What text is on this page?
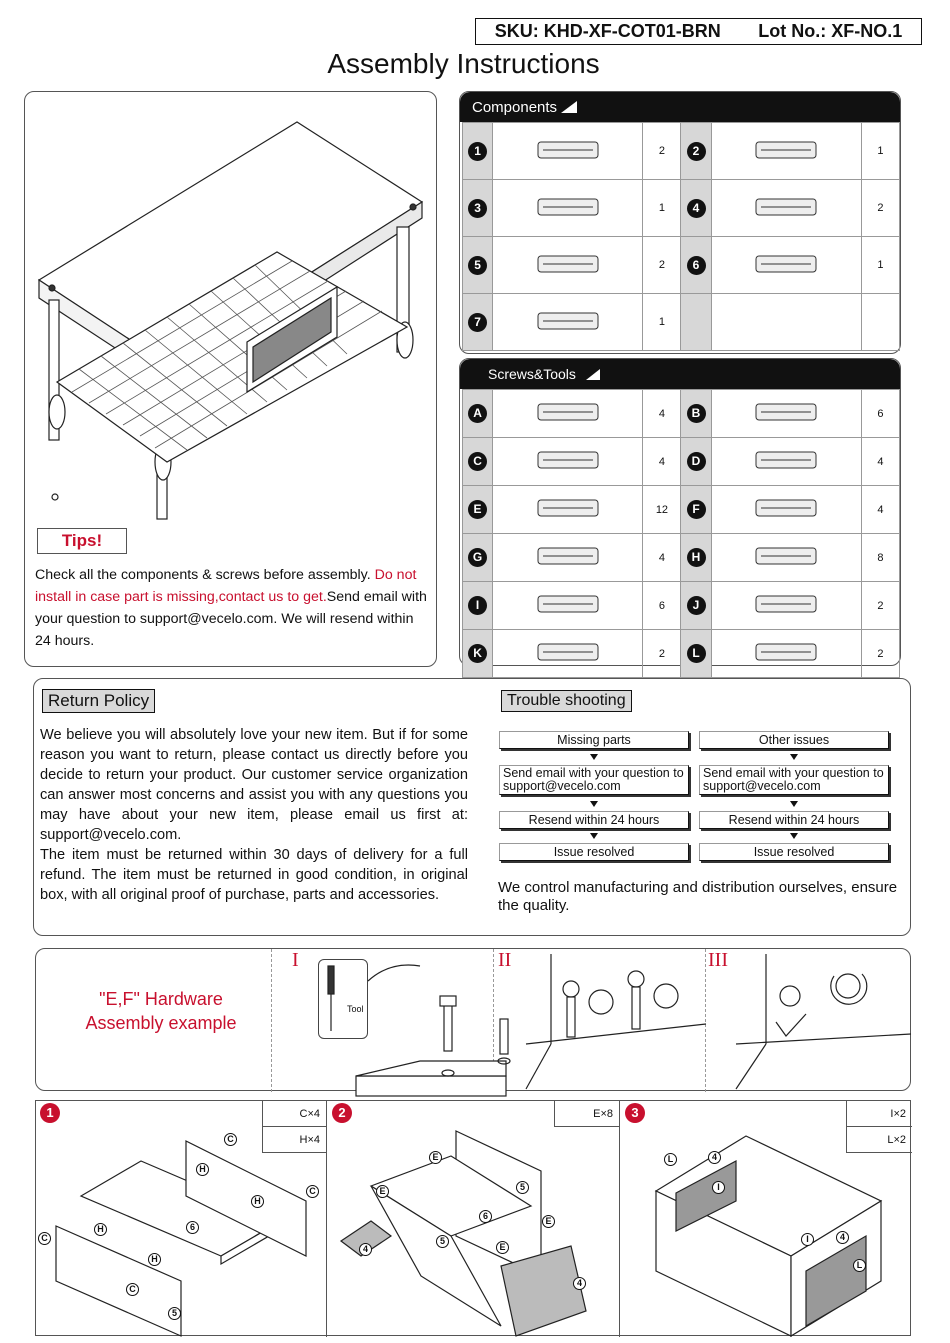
SKU: KHD-XF-COT01-BRN Lot No.: XF-NO.1
Assembly Instructions
Tips!
Check all the components & screws before assembly. Do not install in case part is missing,contact us to get.Send email with your question to support@vecelo.com. We will resend within 24 hours.
Components
1		2	2		1
3		1	4		2
5		2	6		1
7		1			
Screws&Tools
A		4	B		6
C		4	D		4
E		12	F		4
G		4	H		8
I		6	J		2
K		2	L		2

Return Policy
We believe you will absolutely love your new item. But if for some reason you want to return, please contact us directly before you decide to return your product. Our customer service organization can answer most concerns and assist you with any questions you may have about your new item, please email us first at: support@vecelo.com.
The item must be returned within 30 days of delivery for a full refund. The item must be returned in good condition, in original box, with all original proof of purchase, parts and accessories.
Trouble shooting
Missing parts
Send email with your question to support@vecelo.com
Resend within 24 hours
Issue resolved
Other issues
Send email with your question to support@vecelo.com
Resend within 24 hours
Issue resolved
We control manufacturing and distribution ourselves, ensure the quality.
"E,F" Hardware
Assembly example
I	II	III
Tool
1	C×4
H×4
C
H
H
C
C
H	6
H
C
5
2	E×8
E
5
E
6	E
5
E
4
4
3	I×2
L×2
L	4
I
I	4
L
